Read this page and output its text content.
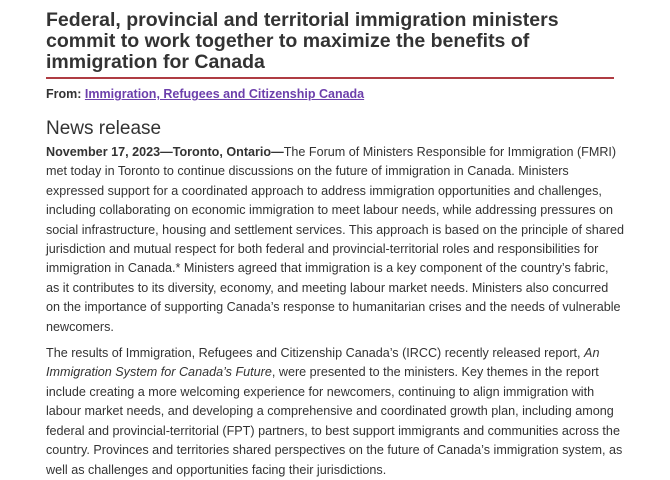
Federal, provincial and territorial immigration ministers commit to work together to maximize the benefits of immigration for Canada
From: Immigration, Refugees and Citizenship Canada
News release

November 17, 2023—Toronto, Ontario—The Forum of Ministers Responsible for Immigration (FMRI) met today in Toronto to continue discussions on the future of immigration in Canada. Ministers expressed support for a coordinated approach to address immigration opportunities and challenges, including collaborating on economic immigration to meet labour needs, while addressing pressures on social infrastructure, housing and settlement services. This approach is based on the principle of shared jurisdiction and mutual respect for both federal and provincial-territorial roles and responsibilities for immigration in Canada.* Ministers agreed that immigration is a key component of the country’s fabric, as it contributes to its diversity, economy, and meeting labour market needs. Ministers also concurred on the importance of supporting Canada’s response to humanitarian crises and the needs of vulnerable newcomers.

The results of Immigration, Refugees and Citizenship Canada’s (IRCC) recently released report, An Immigration System for Canada’s Future, were presented to the ministers. Key themes in the report include creating a more welcoming experience for newcomers, continuing to align immigration with labour market needs, and developing a comprehensive and coordinated growth plan, including among federal and provincial-territorial (FPT) partners, to best support immigrants and communities across the country. Provinces and territories shared perspectives on the future of Canada’s immigration system, as well as challenges and opportunities facing their jurisdictions.
